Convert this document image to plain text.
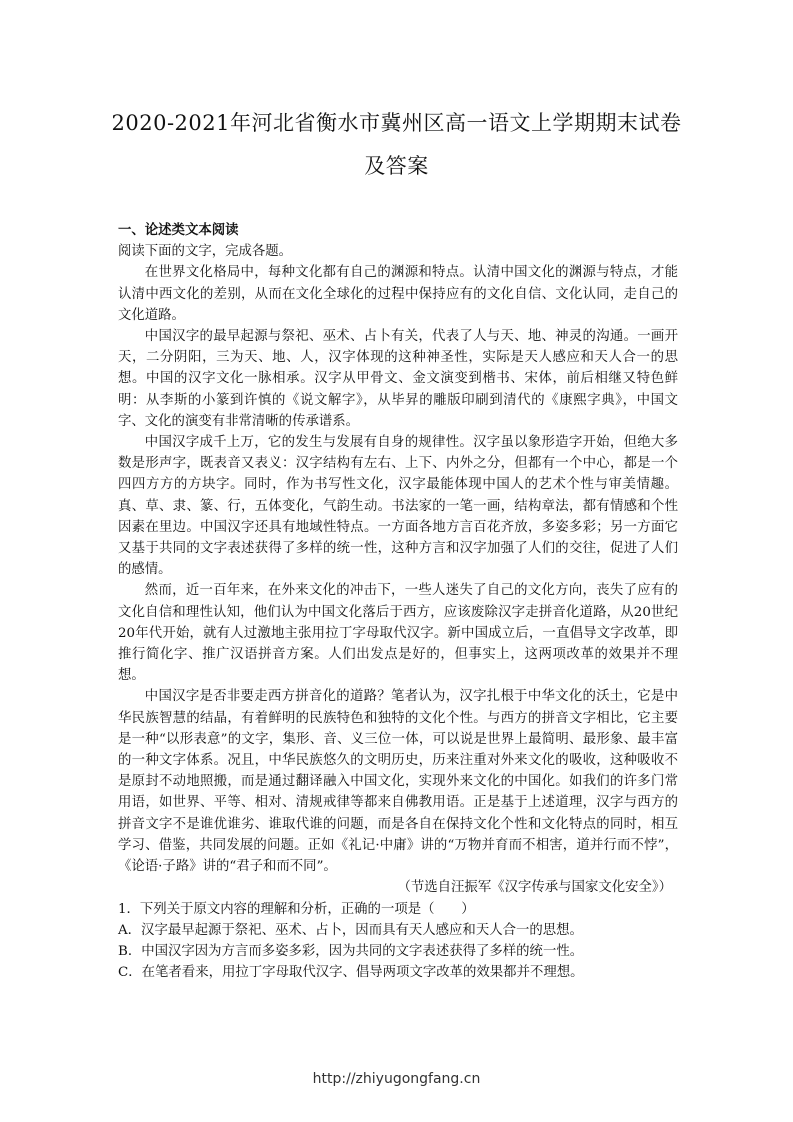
2020-2021年河北省衡水市冀州区高一语文上学期期末试卷及答案
一、论述类文本阅读
阅读下面的文字，完成各题。
在世界文化格局中，每种文化都有自己的渊源和特点。认清中国文化的渊源与特点，才能认清中西文化的差别，从而在文化全球化的过程中保持应有的文化自信、文化认同，走自己的文化道路。
中国汉字的最早起源与祭祀、巫术、占卜有关，代表了人与天、地、神灵的沟通。一画开天，二分阴阳，三为天、地、人，汉字体现的这种神圣性，实际是天人感应和天人合一的思想。中国的汉字文化一脉相承。汉字从甲骨文、金文演变到楷书、宋体，前后相继又特色鲜明：从李斯的小篆到许慎的《说文解字》，从毕昇的雕版印刷到清代的《康熙字典》，中国文字、文化的演变有非常清晰的传承谱系。
中国汉字成千上万，它的发生与发展有自身的规律性。汉字虽以象形造字开始，但绝大多数是形声字，既表音又表义：汉字结构有左右、上下、内外之分，但都有一个中心，都是一个四四方方的方块字。同时，作为书写性文化，汉字最能体现中国人的艺术个性与审美情趣。真、草、隶、篆、行，五体变化，气韵生动。书法家的一笔一画，结构章法，都有情感和个性因素在里边。中国汉字还具有地域性特点。一方面各地方言百花齐放，多姿多彩；另一方面它又基于共同的文字表述获得了多样的统一性，这种方言和汉字加强了人们的交往，促进了人们的感情。
然而，近一百年来，在外来文化的冲击下，一些人迷失了自己的文化方向，丧失了应有的文化自信和理性认知，他们认为中国文化落后于西方，应该废除汉字走拼音化道路，从20世纪20年代开始，就有人过激地主张用拉丁字母取代汉字。新中国成立后，一直倡导文字改革，即推行简化字、推广汉语拼音方案。人们出发点是好的，但事实上，这两项改革的效果并不理想。
中国汉字是否非要走西方拼音化的道路？笔者认为，汉字扎根于中华文化的沃土，它是中华民族智慧的结晶，有着鲜明的民族特色和独特的文化个性。与西方的拼音文字相比，它主要是一种“以形表意”的文字，集形、音、义三位一体，可以说是世界上最简明、最形象、最丰富的一种文字体系。况且，中华民族悠久的文明历史，历来注重对外来文化的吸收，这种吸收不是原封不动地照搬，而是通过翻译融入中国文化，实现外来文化的中国化。如我们的许多门常用语，如世界、平等、相对、清规戒律等都来自佛教用语。正是基于上述道理，汉字与西方的拼音文字不是谁优谁劣、谁取代谁的问题，而是各自在保持文化个性和文化特点的同时，相互学习、借鉴，共同发展的问题。正如《礼记·中庸》讲的“万物并育而不相害，道并行而不悖”，《论语·子路》讲的“君子和而不同”。
（节选自汪振军《汉字传承与国家文化安全》）
1．下列关于原文内容的理解和分析，正确的一项是（　　）
A．汉字最早起源于祭祀、巫术、占卜，因而具有天人感应和天人合一的思想。
B．中国汉字因为方言而多姿多彩，因为共同的文字表述获得了多样的统一性。
C．在笔者看来，用拉丁字母取代汉字、倡导两项文字改革的效果都并不理想。
http://zhiyugongfang.cn
